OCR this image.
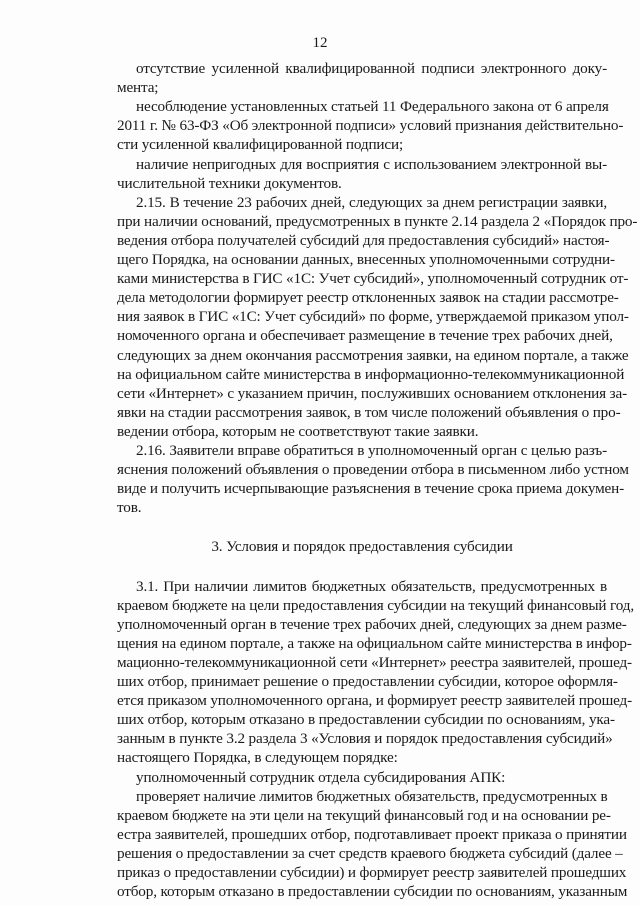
12
отсутствие усиленной квалифицированной подписи электронного доку-
мента;
несоблюдение установленных статьей 11 Федерального закона от 6 апреля
2011 г. № 63-ФЗ «Об электронной подписи» условий признания действительно-
сти усиленной квалифицированной подписи;
наличие непригодных для восприятия с использованием электронной вы-
числительной техники документов.
2.15. В течение 23 рабочих дней, следующих за днем регистрации заявки,
при наличии оснований, предусмотренных в пункте 2.14 раздела 2 «Порядок про-
ведения отбора получателей субсидий для предоставления субсидий» настоя-
щего Порядка, на основании данных, внесенных уполномоченными сотрудни-
ками министерства в ГИС «1С: Учет субсидий», уполномоченный сотрудник от-
дела методологии формирует реестр отклоненных заявок на стадии рассмотре-
ния заявок в ГИС «1С: Учет субсидий» по форме, утверждаемой приказом упол-
номоченного органа и обеспечивает размещение в течение трех рабочих дней,
следующих за днем окончания рассмотрения заявки, на едином портале, а также
на официальном сайте министерства в информационно-телекоммуникационной
сети «Интернет» с указанием причин, послуживших основанием отклонения за-
явки на стадии рассмотрения заявок, в том числе положений объявления о про-
ведении отбора, которым не соответствуют такие заявки.
2.16. Заявители вправе обратиться в уполномоченный орган с целью разъ-
яснения положений объявления о проведении отбора в письменном либо устном
виде и получить исчерпывающие разъяснения в течение срока приема докумен-
тов.
3. Условия и порядок предоставления субсидии
3.1. При наличии лимитов бюджетных обязательств, предусмотренных в
краевом бюджете на цели предоставления субсидии на текущий финансовый год,
уполномоченный орган в течение трех рабочих дней, следующих за днем разме-
щения на едином портале, а также на официальном сайте министерства в инфор-
мационно-телекоммуникационной сети «Интернет» реестра заявителей, прошед-
ших отбор, принимает решение о предоставлении субсидии, которое оформля-
ется приказом уполномоченного органа, и формирует реестр заявителей прошед-
ших отбор, которым отказано в предоставлении субсидии по основаниям, ука-
занным в пункте 3.2 раздела 3 «Условия и порядок предоставления субсидий»
настоящего Порядка, в следующем порядке:
уполномоченный сотрудник отдела субсидирования АПК:
проверяет наличие лимитов бюджетных обязательств, предусмотренных в
краевом бюджете на эти цели на текущий финансовый год и на основании ре-
естра заявителей, прошедших отбор, подготавливает проект приказа о принятии
решения о предоставлении за счет средств краевого бюджета субсидий (далее –
приказ о предоставлении субсидии) и формирует реестр заявителей прошедших
отбор, которым отказано в предоставлении субсидии по основаниям, указанным
